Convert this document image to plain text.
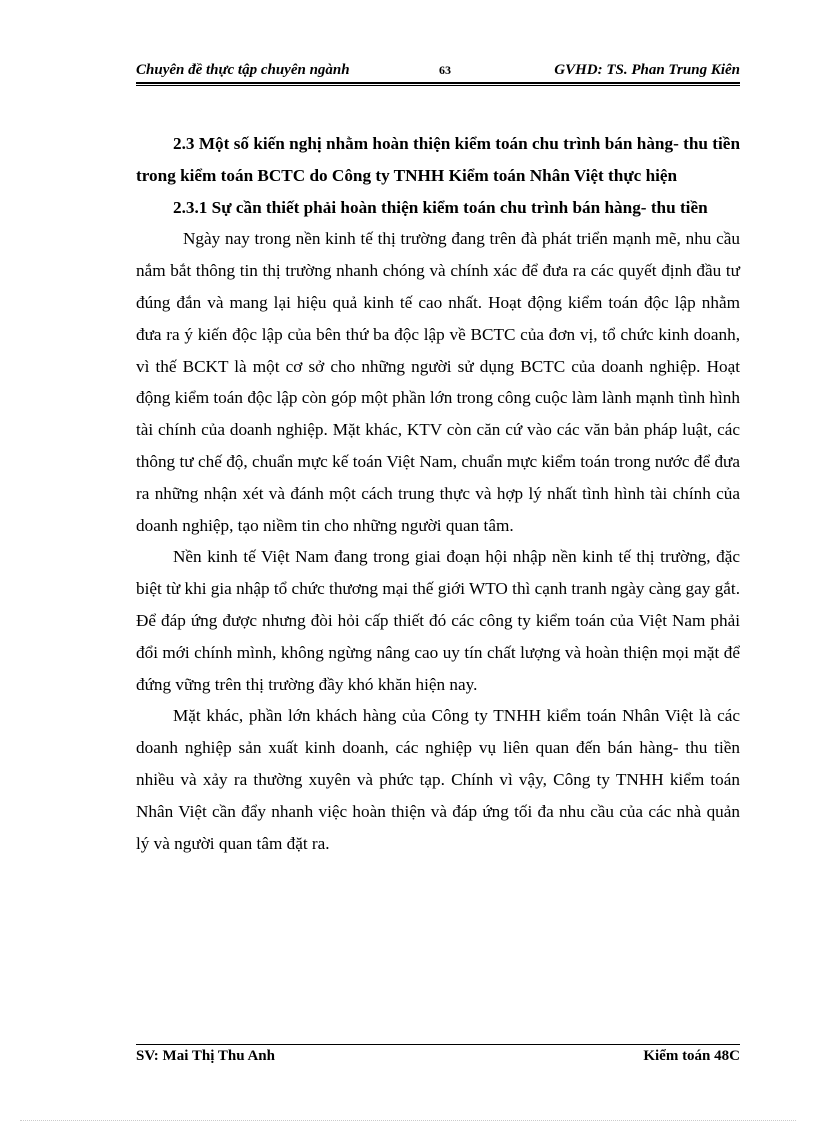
Chuyên đề thực tập chuyên ngành	63	GVHD: TS. Phan Trung Kiên

2.3 Một số kiến nghị nhằm hoàn thiện kiểm toán chu trình bán hàng- thu tiền trong kiểm toán BCTC do Công ty TNHH Kiểm toán Nhân Việt thực hiện

2.3.1 Sự cần thiết phải hoàn thiện kiểm toán chu trình bán hàng- thu tiền

Ngày nay trong nền kinh tế thị trường đang trên đà phát triển mạnh mẽ, nhu cầu nắm bắt thông tin thị trường nhanh chóng và chính xác để đưa ra các quyết định đầu tư đúng đắn và mang lại hiệu quả kinh tế cao nhất. Hoạt động kiểm toán độc lập nhằm đưa ra ý kiến độc lập của bên thứ ba độc lập về BCTC của đơn vị, tổ chức kinh doanh, vì thế BCKT là một cơ sở cho những người sử dụng BCTC của doanh nghiệp. Hoạt động kiểm toán độc lập còn góp một phần lớn trong công cuộc làm lành mạnh tình hình tài chính của doanh nghiệp. Mặt khác, KTV còn căn cứ vào các văn bản pháp luật, các thông tư chế độ, chuẩn mực kế toán Việt Nam, chuẩn mực kiểm toán trong nước để đưa ra những nhận xét và đánh một cách trung thực và hợp lý nhất tình hình tài chính của doanh nghiệp, tạo niềm tin cho những người quan tâm.

Nền kinh tế Việt Nam đang trong giai đoạn hội nhập nền kinh tế thị trường, đặc biệt từ khi gia nhập tổ chức thương mại thế giới WTO thì cạnh tranh ngày càng gay gắt. Để đáp ứng được nhưng đòi hỏi cấp thiết đó các công ty kiểm toán của Việt Nam phải đổi mới chính mình, không ngừng nâng cao uy tín chất lượng và hoàn thiện mọi mặt để đứng vững trên thị trường đầy khó khăn hiện nay.

Mặt khác, phần lớn khách hàng của Công ty TNHH kiểm toán Nhân Việt là các doanh nghiệp sản xuất kinh doanh, các nghiệp vụ liên quan đến bán hàng- thu tiền nhiều và xảy ra thường xuyên và phức tạp. Chính vì vậy, Công ty TNHH kiểm toán Nhân Việt cần đẩy nhanh việc hoàn thiện và đáp ứng tối đa nhu cầu của các nhà quản lý và người quan tâm đặt ra.

SV: Mai Thị Thu Anh	Kiểm toán 48C
